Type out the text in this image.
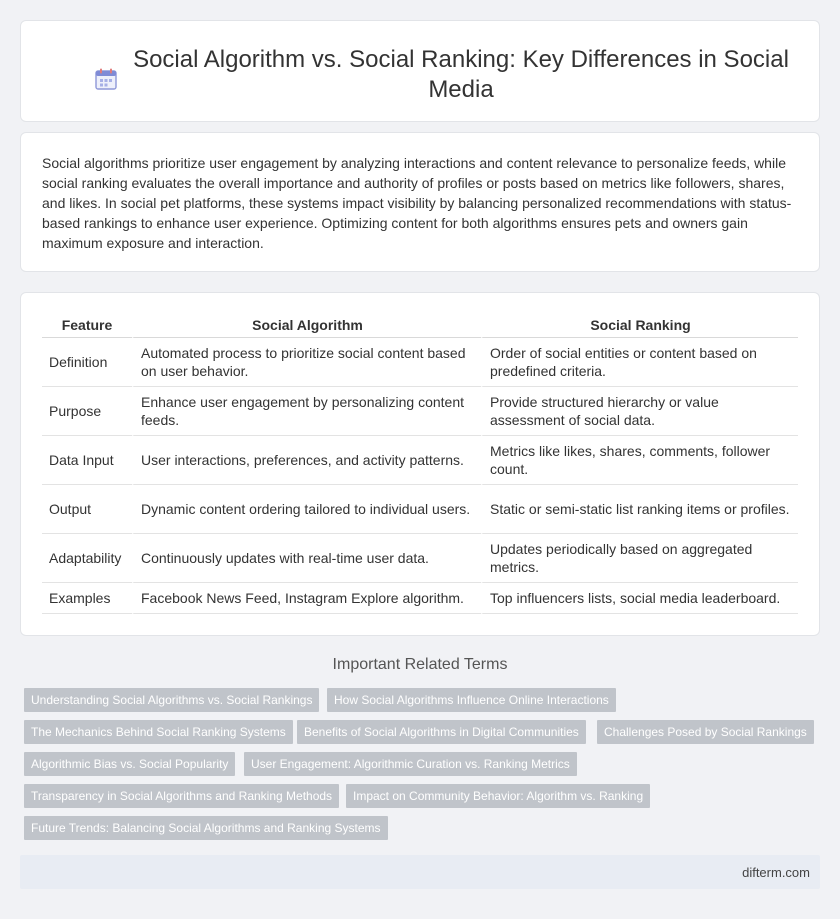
Social Algorithm vs. Social Ranking: Key Differences in Social Media

Social algorithms prioritize user engagement by analyzing interactions and content relevance to personalize feeds, while social ranking evaluates the overall importance and authority of profiles or posts based on metrics like followers, shares, and likes. In social pet platforms, these systems impact visibility by balancing personalized recommendations with status-based rankings to enhance user experience. Optimizing content for both algorithms ensures pets and owners gain maximum exposure and interaction.

Feature	Social Algorithm	Social Ranking
Definition	Automated process to prioritize social content based on user behavior.	Order of social entities or content based on predefined criteria.
Purpose	Enhance user engagement by personalizing content feeds.	Provide structured hierarchy or value assessment of social data.
Data Input	User interactions, preferences, and activity patterns.	Metrics like likes, shares, comments, follower count.
Output	Dynamic content ordering tailored to individual users.	Static or semi-static list ranking items or profiles.
Adaptability	Continuously updates with real-time user data.	Updates periodically based on aggregated metrics.
Examples	Facebook News Feed, Instagram Explore algorithm.	Top influencers lists, social media leaderboard.
Important Related Terms
Understanding Social Algorithms vs. Social Rankings	How Social Algorithms Influence Online Interactions
The Mechanics Behind Social Ranking Systems	Benefits of Social Algorithms in Digital Communities	Challenges Posed by Social Rankings
Algorithmic Bias vs. Social Popularity	User Engagement: Algorithmic Curation vs. Ranking Metrics
Transparency in Social Algorithms and Ranking Methods	Impact on Community Behavior: Algorithm vs. Ranking
Future Trends: Balancing Social Algorithms and Ranking Systems
difterm.com
